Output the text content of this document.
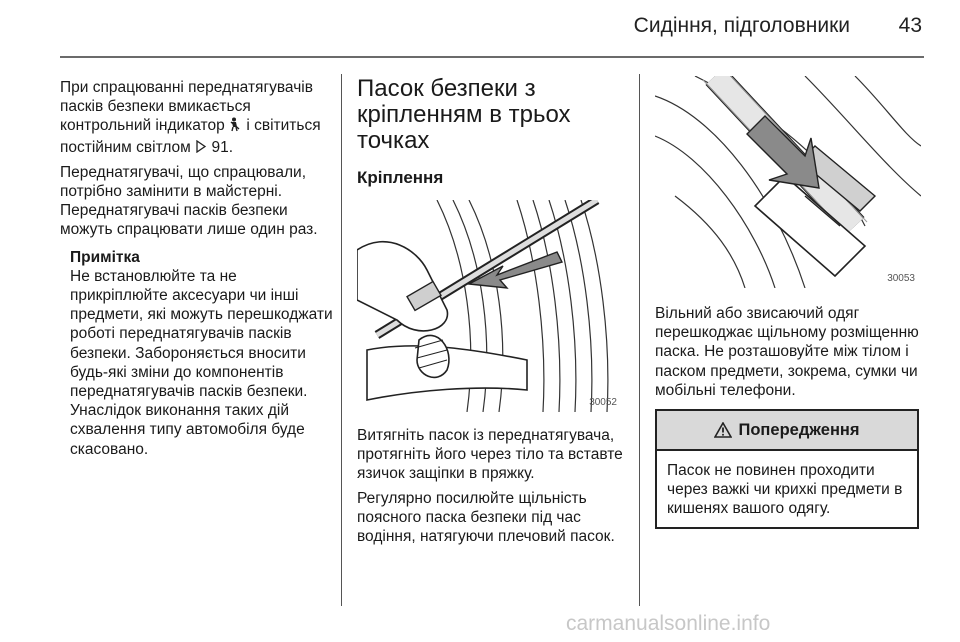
Сидіння, підголовники	43

При спрацюванні переднатягувачів пасків безпеки вмикається контрольний індикатор і світиться постійним світлом 91.

Переднатягувачі, що спрацювали, потрібно замінити в майстерні. Переднатягувачі пасків безпеки можуть спрацювати лише один раз.

Примітка
Не встановлюйте та не прикріплюйте аксесуари чи інші предмети, які можуть перешкоджати роботі переднатягувачів пасків безпеки. Забороняється вносити будь-які зміни до компонентів переднатягувачів пасків безпеки. Унаслідок виконання таких дій схвалення типу автомобіля буде скасовано.
Пасок безпеки з кріпленням в трьох точках
Кріплення
30052

Витягніть пасок із переднатягувача, протягніть його через тіло та вставте язичок защіпки в пряжку.

Регулярно посилюйте щільність поясного паска безпеки під час водіння, натягуючи плечовий пасок.

30053

Вільний або звисаючий одяг перешкоджає щільному розміщенню паска. Не розташовуйте між тілом і паском предмети, зокрема, сумки чи мобільні телефони.

Попередження
Пасок не повинен проходити через важкі чи крихкі предмети в кишенях вашого одягу.
carmanualsonline.info
